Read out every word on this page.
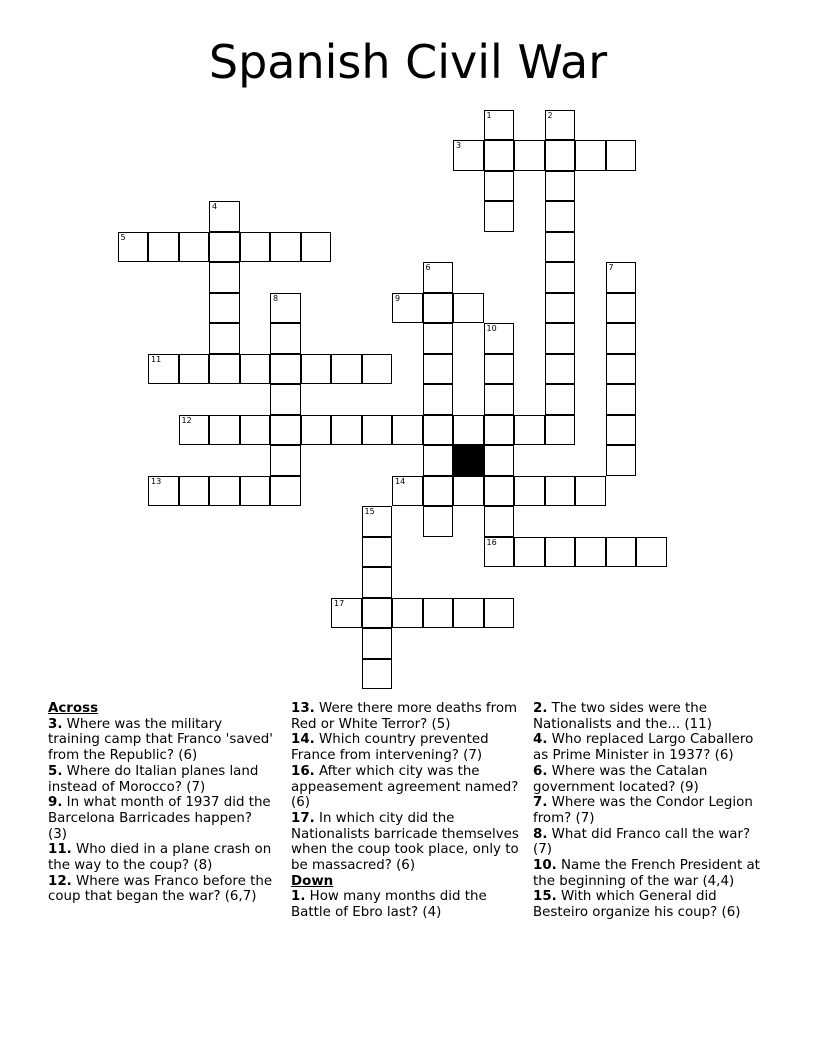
Spanish Civil War
1	2
3
4
5
6	7
8	9
10
11
12
13	14
15
16
17
Across
3. Where was the military training camp that Franco 'saved' from the Republic? (6)
5. Where do Italian planes land instead of Morocco? (7)
9. In what month of 1937 did the Barcelona Barricades happen? (3)
11. Who died in a plane crash on the way to the coup? (8)
12. Where was Franco before the coup that began the war? (6,7)
13. Were there more deaths from Red or White Terror? (5)
14. Which country prevented France from intervening? (7)
16. After which city was the appeasement agreement named? (6)
17. In which city did the Nationalists barricade themselves when the coup took place, only to be massacred? (6)
Down
1. How many months did the Battle of Ebro last? (4)
2. The two sides were the Nationalists and the... (11)
4. Who replaced Largo Caballero as Prime Minister in 1937? (6)
6. Where was the Catalan government located? (9)
7. Where was the Condor Legion from? (7)
8. What did Franco call the war? (7)
10. Name the French President at the beginning of the war (4,4)
15. With which General did Besteiro organize his coup? (6)
